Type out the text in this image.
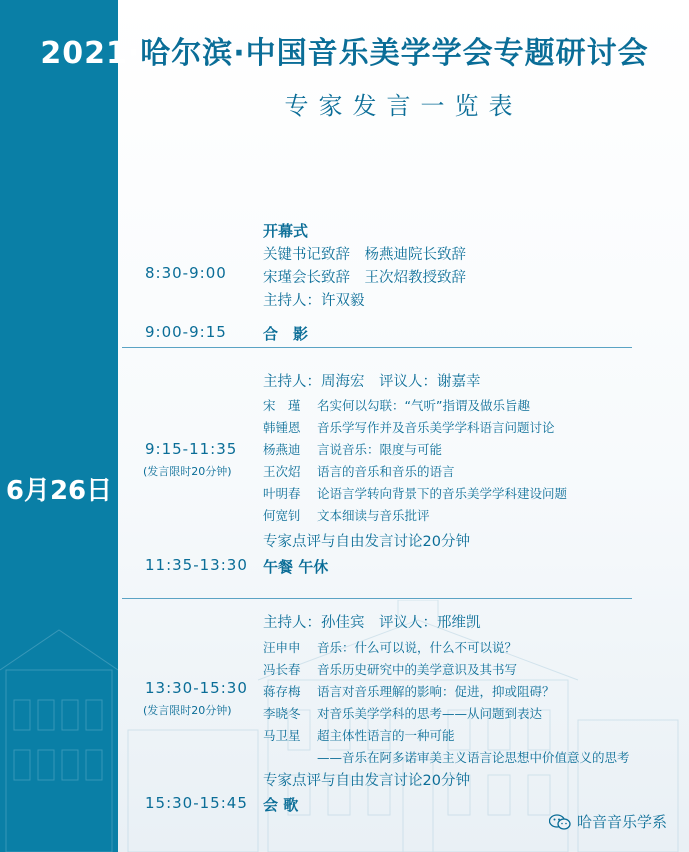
2021·哈尔滨·中国音乐美学学会专题研讨会
专家发言一览表
6月26日
8:30-9:00
开幕式
关键书记致辞　杨燕迪院长致辞
宋瑾会长致辞　王次炤教授致辞
主持人：许双毅
9:00-9:15 合　影
主持人：周海宏　评议人：谢嘉幸
宋　瑾 名实何以勾联：“气听”指谓及做乐旨趣
韩锺恩 音乐学写作并及音乐美学学科语言问题讨论
9:15-11:35
(发言限时20分钟)
杨燕迪 言说音乐：限度与可能
王次炤 语言的音乐和音乐的语言
叶明春 论语言学转向背景下的音乐美学学科建设问题
何宽钊 文本细读与音乐批评
专家点评与自由发言讨论20分钟
11:35-13:30 午餐 午休
主持人：孙佳宾　评议人：邢维凯
汪申申 音乐：什么可以说，什么不可以说？
冯长春 音乐历史研究中的美学意识及其书写
13:30-15:30
(发言限时20分钟)
蒋存梅 语言对音乐理解的影响：促进，抑或阻碍？
李晓冬 对音乐美学学科的思考——从问题到表达
马卫星 超主体性语言的一种可能
——音乐在阿多诺审美主义语言论思想中价值意义的思考
专家点评与自由发言讨论20分钟
15:30-15:45 会 歌
哈音音乐学系
